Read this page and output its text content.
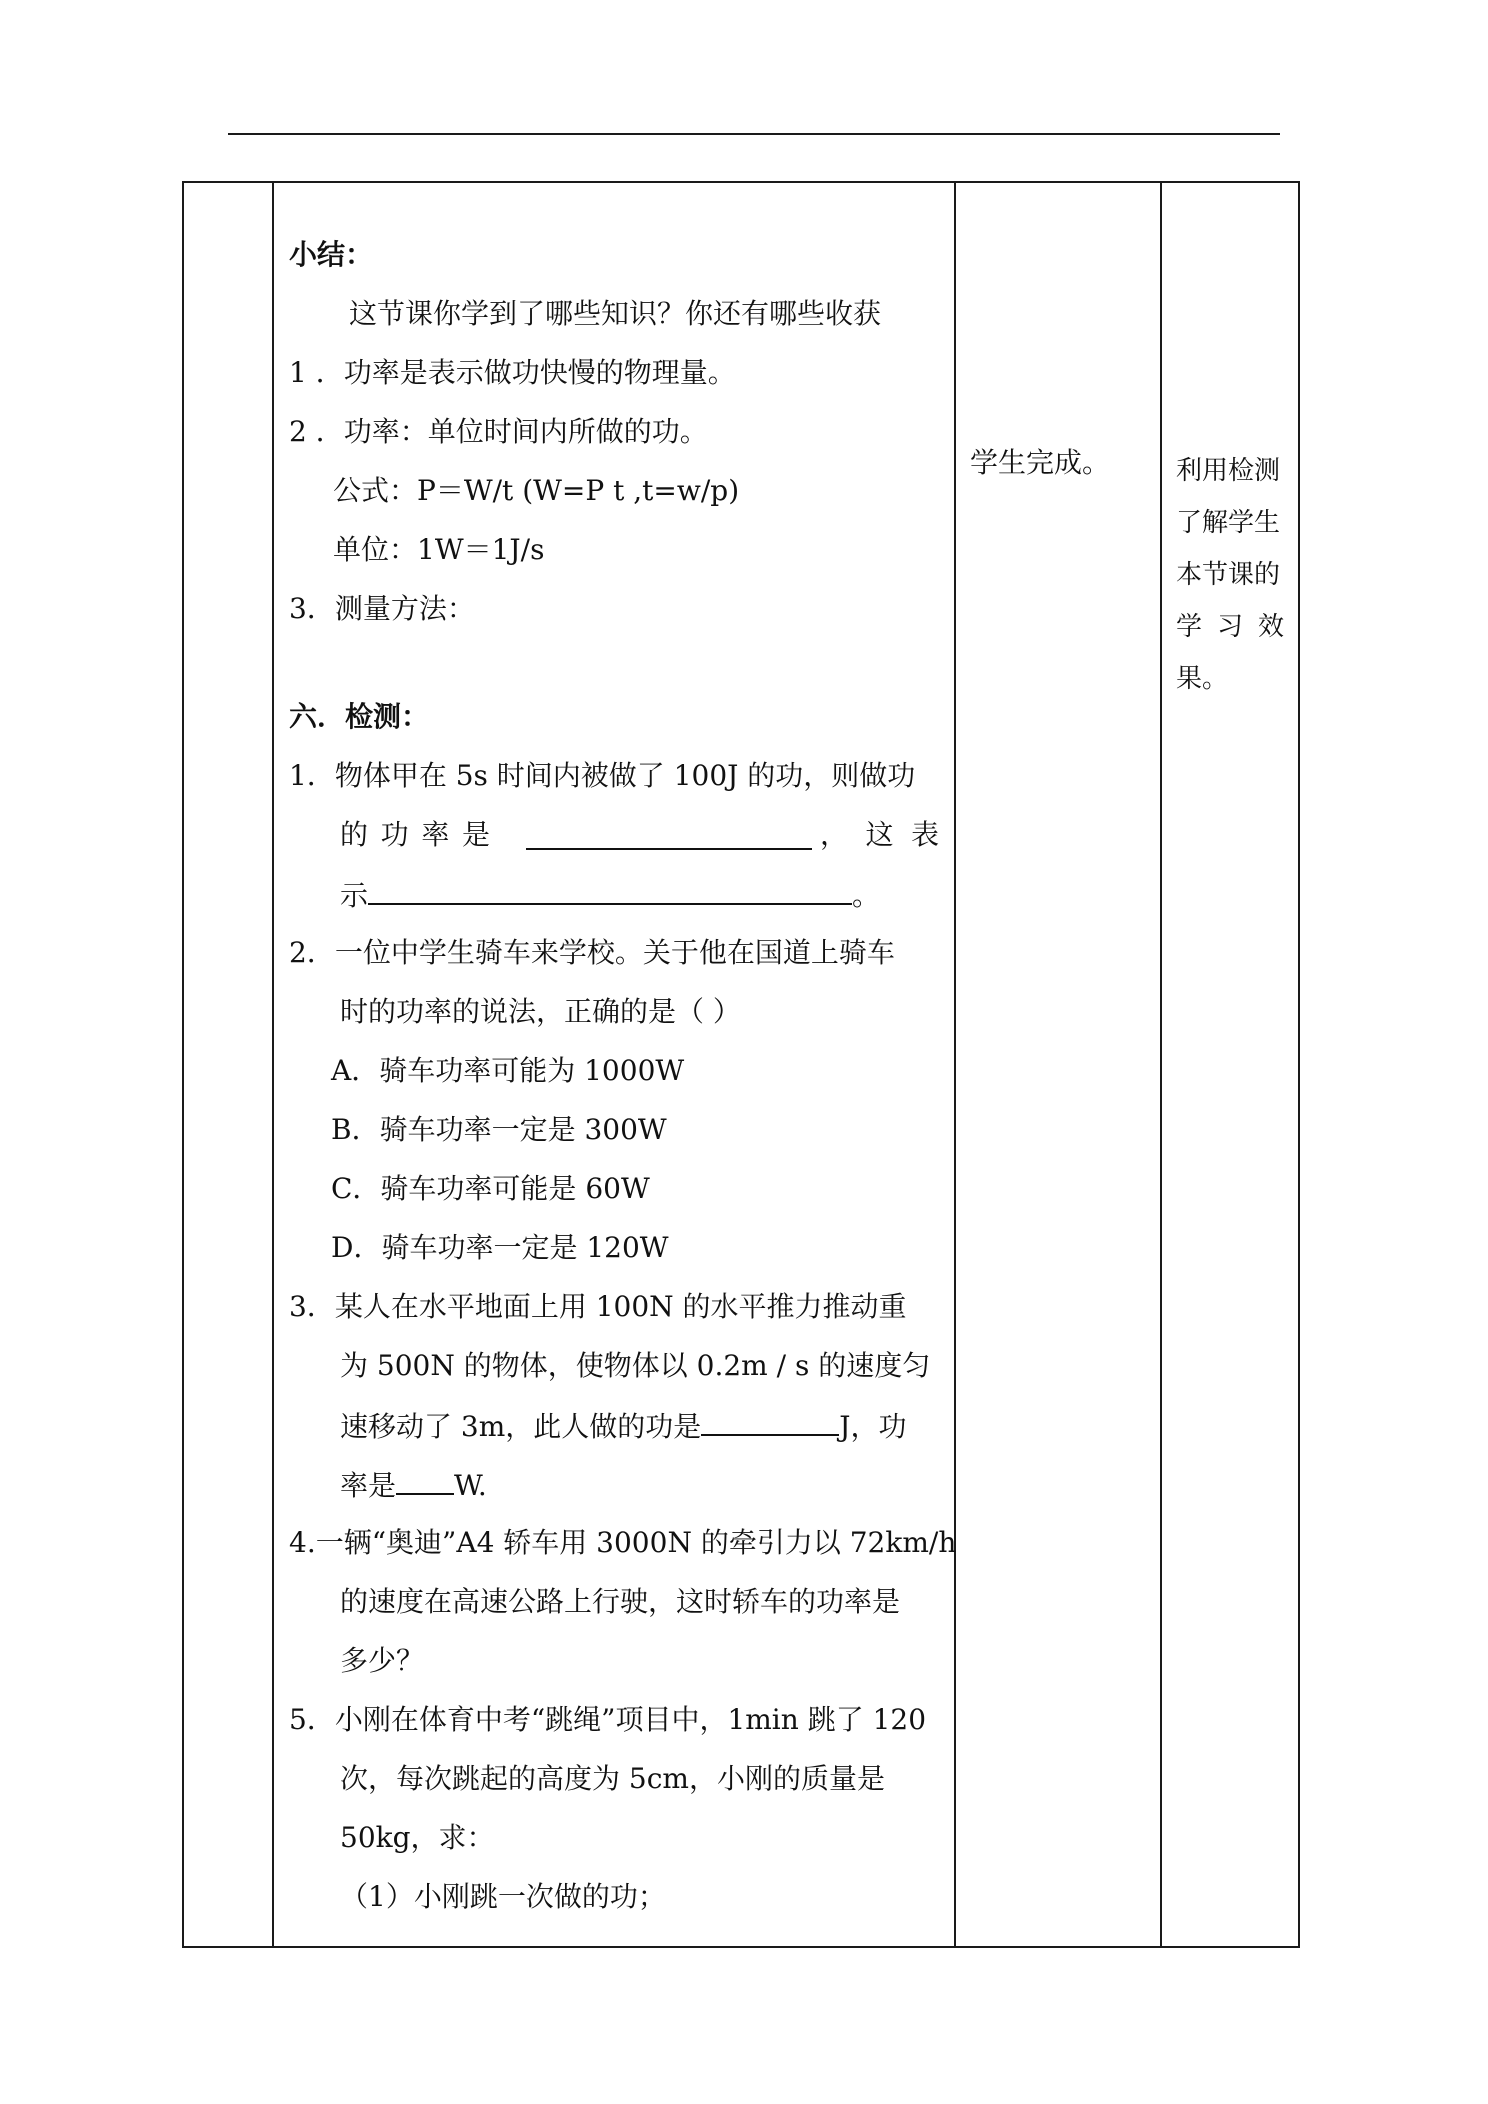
小结：
这节课你学到了哪些知识？你还有哪些收获
1 ．功率是表示做功快慢的物理量。
2 ．功率：单位时间内所做的功。
公式：P＝W/t (W=P t ,t=w/p)
单位：1W＝1J/s
3．测量方法：
六．检测：
1．物体甲在 5s 时间内被做了 100J 的功，则做功
的 功 率 是	， 这 表
示	。
2．一位中学生骑车来学校。关于他在国道上骑车
时的功率的说法，正确的是（ ）
A．骑车功率可能为 1000W
B．骑车功率一定是 300W
C．骑车功率可能是 60W
D．骑车功率一定是 120W
3．某人在水平地面上用 100N 的水平推力推动重
为 500N 的物体，使物体以 0.2m / s 的速度匀
速移动了 3m，此人做的功是	J，功
率是 W.
4.一辆“奥迪”A4 轿车用 3000N 的牵引力以 72km/h
的速度在高速公路上行驶，这时轿车的功率是
多少？
5．小刚在体育中考“跳绳”项目中，1min 跳了 120
次，每次跳起的高度为 5cm，小刚的质量是
50kg，求：
（1）小刚跳一次做的功；
学生完成。	利用检测
了解学生
本节课的
学 习 效
果。
